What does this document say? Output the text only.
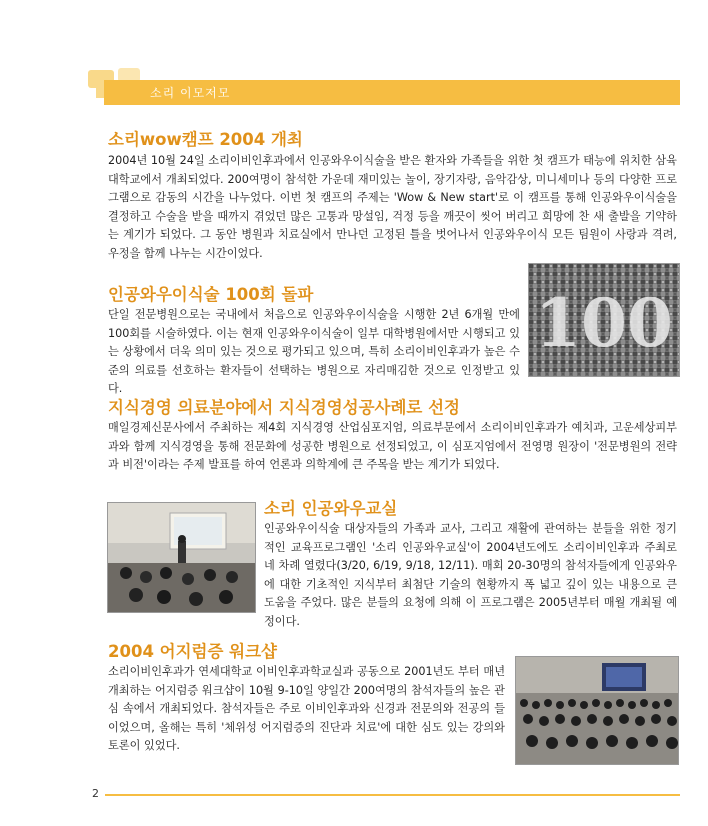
소리 이모저모
소리wow캠프 2004 개최

2004년 10월 24일 소리이비인후과에서 인공와우이식술을 받은 환자와 가족들을 위한 첫 캠프가 태능에 위치한 삼육대학교에서 개최되었다. 200여명이 참석한 가운데 재미있는 놀이, 장기자랑, 음악감상, 미니세미나 등의 다양한 프로그램으로 감동의 시간을 나누었다. 이번 첫 캠프의 주제는 'Wow & New start'로 이 캠프를 통해 인공와우이식술을 결정하고 수술을 받을 때까지 겪었던 많은 고통과 망설임, 걱정 등을 깨끗이 씻어 버리고 희망에 찬 새 출발을 기약하는 계기가 되었다. 그 동안 병원과 치료실에서 만나던 고정된 틀을 벗어나서 인공와우이식 모든 팀원이 사랑과 격려, 우정을 함께 나누는 시간이었다.

인공와우이식술 100회 돌파

단일 전문병원으로는 국내에서 처음으로 인공와우이식술을 시행한 2년 6개월 만에 100회를 시술하였다. 이는 현재 인공와우이식술이 일부 대학병원에서만 시행되고 있는 상황에서 더욱 의미 있는 것으로 평가되고 있으며, 특히 소리이비인후과가 높은 수준의 의료를 선호하는 환자들이 선택하는 병원으로 자리매김한 것으로 인정받고 있다.

100
지식경영 의료분야에서 지식경영성공사례로 선정

매일경제신문사에서 주최하는 제4회 지식경영 산업심포지엄, 의료부문에서 소리이비인후과가 예치과, 고운세상피부과와 함께 지식경영을 통해 전문화에 성공한 병원으로 선정되었고, 이 심포지엄에서 전영명 원장이 '전문병원의 전략과 비전'이라는 주제 발표를 하여 언론과 의학계에 큰 주목을 받는 계기가 되었다.

소리 인공와우교실

인공와우이식술 대상자들의 가족과 교사, 그리고 재활에 관여하는 분들을 위한 정기적인 교육프로그램인 '소리 인공와우교실'이 2004년도에도 소리이비인후과 주최로 네 차례 열렸다(3/20, 6/19, 9/18, 12/11). 매회 20-30명의 참석자들에게 인공와우에 대한 기초적인 지식부터 최첨단 기술의 현황까지 폭 넓고 깊이 있는 내용으로 큰 도움을 주었다. 많은 분들의 요청에 의해 이 프로그램은 2005년부터 매월 개최될 예정이다.

2004 어지럼증 워크샵

소리이비인후과가 연세대학교 이비인후과학교실과 공동으로 2001년도 부터 매년 개최하는 어지럼증 워크샵이 10월 9-10일 양일간 200여명의 참석자들의 높은 관심 속에서 개최되었다. 참석자들은 주로 이비인후과와 신경과 전문의와 전공의 들이었으며, 올해는 특히 '체위성 어지럼증의 진단과 치료'에 대한 심도 있는 강의와 토론이 있었다.

2
